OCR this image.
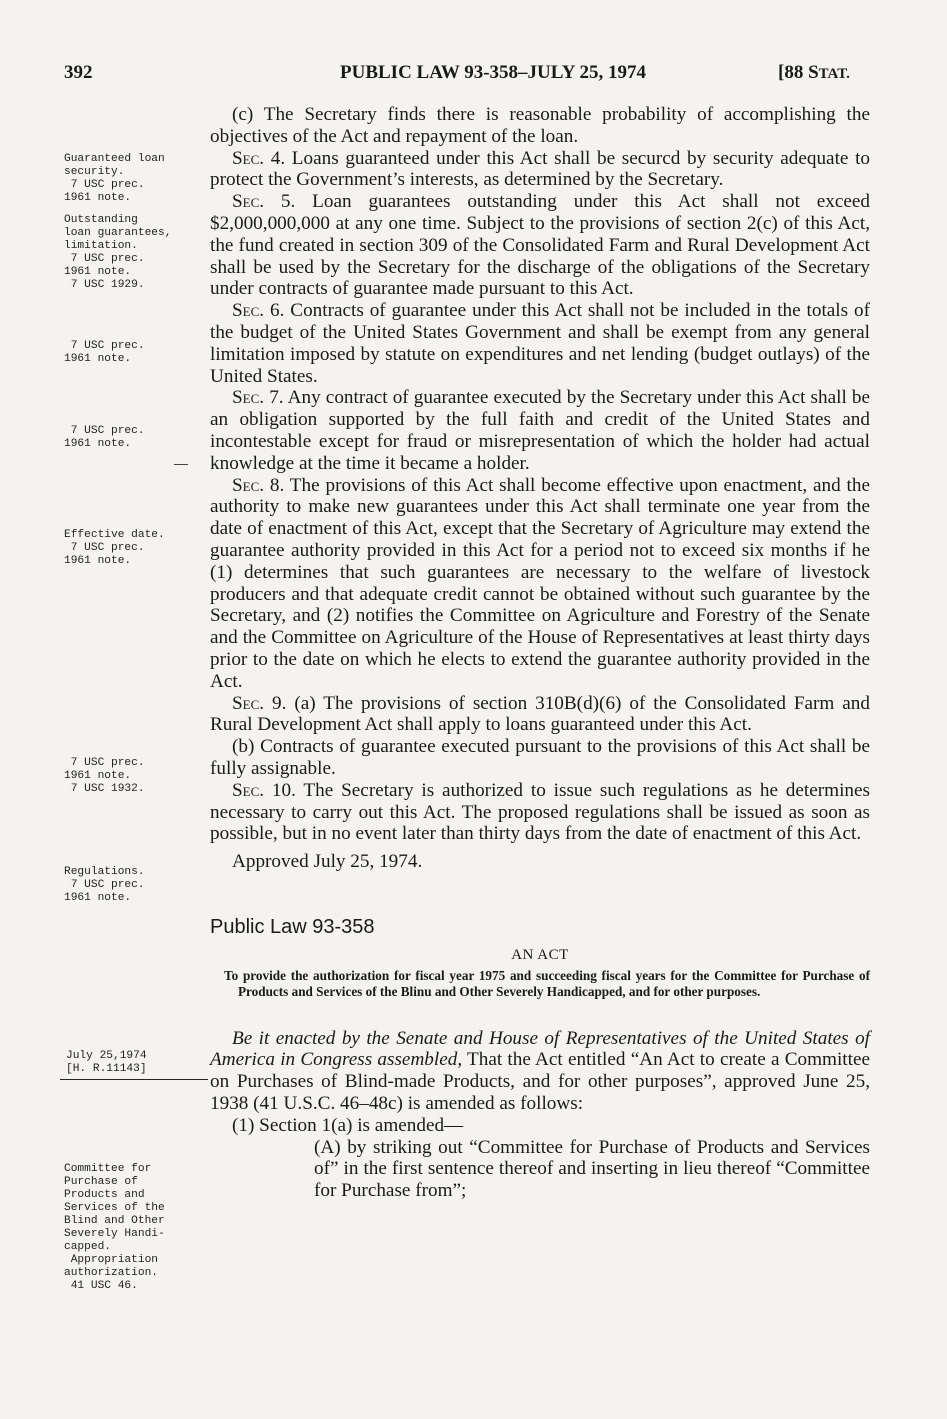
392	PUBLIC LAW 93-358–JULY 25, 1974	[88 STAT.

(c) The Secretary finds there is reasonable probability of accomplishing the objectives of the Act and repayment of the loan.

Sec. 4. Loans guaranteed under this Act shall be securcd by security adequate to protect the Government’s interests, as determined by the Secretary.

Sec. 5. Loan guarantees outstanding under this Act shall not exceed $2,000,000,000 at any one time. Subject to the provisions of section 2(c) of this Act, the fund created in section 309 of the Consolidated Farm and Rural Development Act shall be used by the Secretary for the discharge of the obligations of the Secretary under contracts of guarantee made pursuant to this Act.

Sec. 6. Contracts of guarantee under this Act shall not be included in the totals of the budget of the United States Government and shall be exempt from any general limitation imposed by statute on expenditures and net lending (budget outlays) of the United States.

Sec. 7. Any contract of guarantee executed by the Secretary under this Act shall be an obligation supported by the full faith and credit of the United States and incontestable except for fraud or misrepresentation of which the holder had actual knowledge at the time it became a holder.

Sec. 8. The provisions of this Act shall become effective upon enactment, and the authority to make new guarantees under this Act shall terminate one year from the date of enactment of this Act, except that the Secretary of Agriculture may extend the guarantee authority provided in this Act for a period not to exceed six months if he (1) determines that such guarantees are necessary to the welfare of livestock producers and that adequate credit cannot be obtained without such guarantee by the Secretary, and (2) notifies the Committee on Agriculture and Forestry of the Senate and the Committee on Agriculture of the House of Representatives at least thirty days prior to the date on which he elects to extend the guarantee authority provided in the Act.

Sec. 9. (a) The provisions of section 310B(d)(6) of the Consolidated Farm and Rural Development Act shall apply to loans guaranteed under this Act.

(b) Contracts of guarantee executed pursuant to the provisions of this Act shall be fully assignable.

Sec. 10. The Secretary is authorized to issue such regulations as he determines necessary to carry out this Act. The proposed regulations shall be issued as soon as possible, but in no event later than thirty days from the date of enactment of this Act.

Approved July 25, 1974.

Public Law 93-358

AN ACT

To provide the authorization for fiscal year 1975 and succeeding fiscal years for the Committee for Purchase of Products and Services of the Blinu and Other Severely Handicapped, and for other purposes.

Be it enacted by the Senate and House of Representatives of the United States of America in Congress assembled, That the Act entitled “An Act to create a Committee on Purchases of Blind-made Products, and for other purposes”, approved June 25, 1938 (41 U.S.C. 46–48c) is amended as follows:

(1) Section 1(a) is amended—

(A) by striking out “Committee for Purchase of Products and Services of” in the first sentence thereof and inserting in lieu thereof “Committee for Purchase from”;

Guaranteed loan
security.
7 USC prec.
1961 note.
Outstanding
loan guarantees,
limitation.
7 USC prec.
1961 note.
7 USC 1929.
7 USC prec.
1961 note.
7 USC prec.
1961 note.
Effective date.
7 USC prec.
1961 note.
7 USC prec.
1961 note.
7 USC 1932.
Regulations.
7 USC prec.
1961 note.
July 25,1974
[H. R.11143]
Committee for
Purchase of
Products and
Services of the
Blind and Other
Severely Handi-
capped.
Appropriation
authorization.
41 USC 46.
